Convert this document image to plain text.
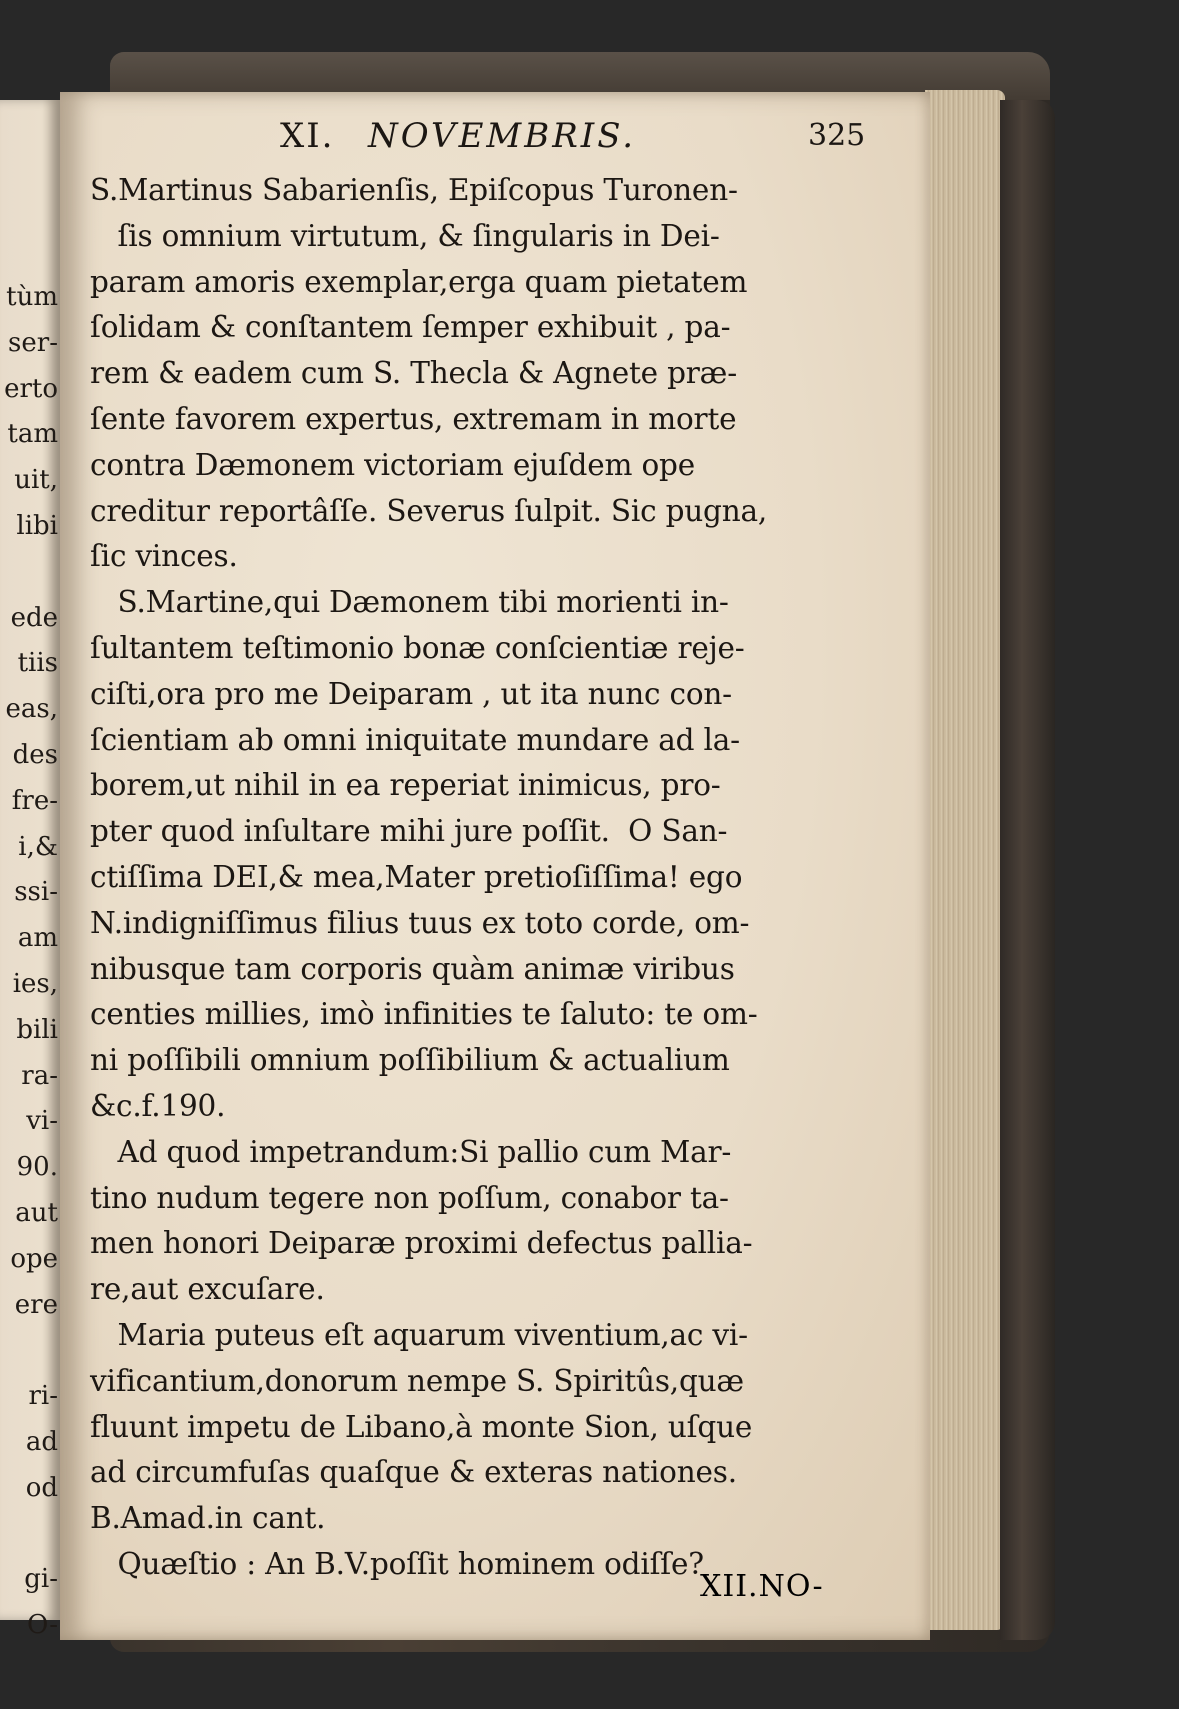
tùm
ser-
erto
tam
uit,
libi
ede
tiis
eas,
des
fre-
i,&
ssi-
am
ies,
bili
ra-
vi-
90.
aut
ope
ere
ri-
ad
od
gi-
O-
XI. NOVEMBRIS.	325
S.Martinus Sabarienſis, Epiſcopus Turonen-
ſis omnium virtutum, & ſingularis in Dei-
param amoris exemplar,erga quam pietatem
ſolidam & conſtantem ſemper exhibuit , pa-
rem & eadem cum S. Thecla & Agnete præ-
ſente favorem expertus, extremam in morte
contra Dæmonem victoriam ejuſdem ope
creditur reportâſſe. Severus ſulpit. Sic pugna,
ſic vinces.
S.Martine,qui Dæmonem tibi morienti in-
ſultantem teſtimonio bonæ conſcientiæ reje-
ciſti,ora pro me Deiparam , ut ita nunc con-
ſcientiam ab omni iniquitate mundare ad la-
borem,ut nihil in ea reperiat inimicus, pro-
pter quod inſultare mihi jure poſſit.  O San-
ctiſſima DEI,& mea,Mater pretioſiſſima! ego
N.indigniſſimus filius tuus ex toto corde, om-
nibusque tam corporis quàm animæ viribus
centies millies, imò infinities te ſaluto: te om-
ni poſſibili omnium poſſibilium & actualium
&c.f.190.
Ad quod impetrandum:Si pallio cum Mar-
tino nudum tegere non poſſum, conabor ta-
men honori Deiparæ proximi defectus pallia-
re,aut excuſare.
Maria puteus eſt aquarum viventium,ac vi-
vificantium,donorum nempe S. Spiritûs,quæ
fluunt impetu de Libano,à monte Sion, uſque
ad circumfuſas quaſque & exteras nationes.
B.Amad.in cant.
Quæſtio : An B.V.poſſit hominem odiſſe?
XII.NO-
